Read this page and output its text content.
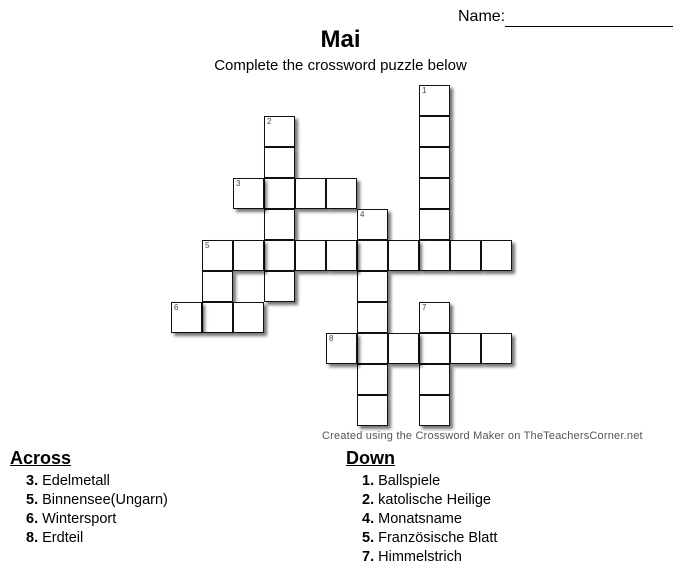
Name:
Mai
Complete the crossword puzzle below
1
2
3
4
5
6	7
8
Created using the Crossword Maker on TheTeachersCorner.net
Across
3. Edelmetall
5. Binnensee(Ungarn)
6. Wintersport
8. Erdteil
Down
1. Ballspiele
2. katolische Heilige
4. Monatsname
5. Französische Blatt
7. Himmelstrich
